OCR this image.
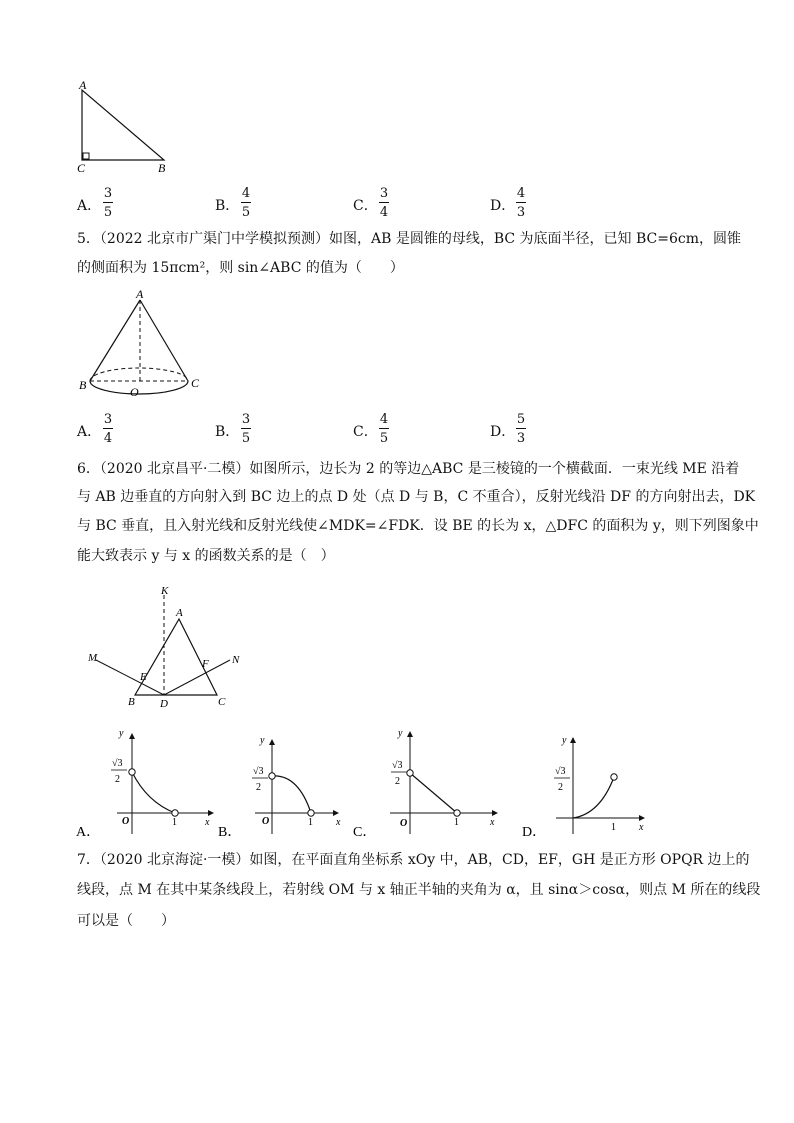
A
C	B
A．
3
5	B．
4
5	C．
3
4	D．
4
3
5．（2022 北京市广渠门中学模拟预测）如图，AB 是圆锥的母线，BC 为底面半径，已知 BC=6cm，圆锥
的侧面积为 15πcm²，则 sin∠ABC 的值为（　　）
A
B	C
O
A．
3
4	B．
3
5	C．
4
5	D．
5
3
6．（2020 北京昌平·二模）如图所示，边长为 2 的等边△ABC 是三棱镜的一个横截面．一束光线 ME 沿着
与 AB 边垂直的方向射入到 BC 边上的点 D 处（点 D 与 B，C 不重合），反射光线沿 DF 的方向射出去，DK
与 BC 垂直，且入射光线和反射光线使∠MDK=∠FDK．设 BE 的长为 x，△DFC 的面积为 y，则下列图象中
能大致表示 y 与 x 的函数关系的是（　）
K
A
M	N
E
F
B D	C
y
x
O	1
√3
2
A．
y
x
O	1
√3
2
B．
y
x
O	1
√3
2
C．
y
x
1
√3
2
D．
7．（2020 北京海淀·一模）如图，在平面直角坐标系 xOy 中，AB，CD，EF，GH 是正方形 OPQR 边上的
线段，点 M 在其中某条线段上，若射线 OM 与 x 轴正半轴的夹角为 α，且 sinα＞cosα，则点 M 所在的线段
可以是（　　）
